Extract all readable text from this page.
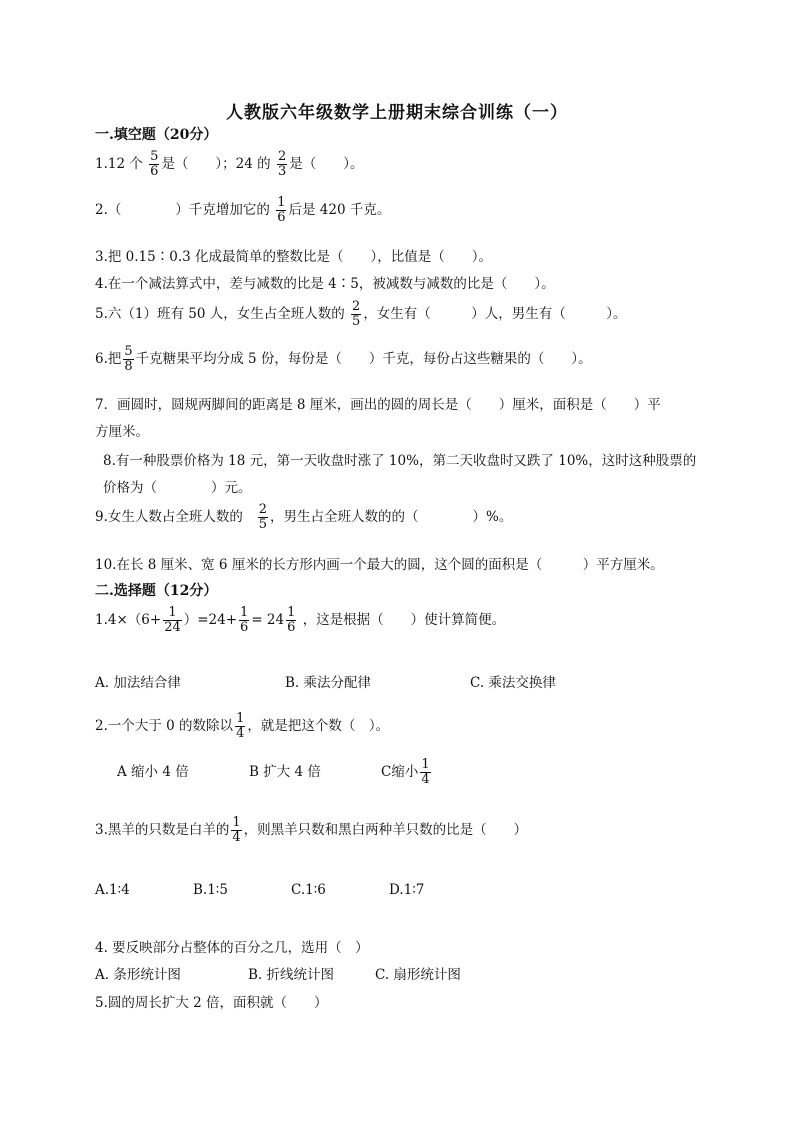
人教版六年级数学上册期末综合训练（一）
一.填空题（20分）
1.12 个 $\frac{5}{6}$ 是（　　）；24 的 $\frac{2}{3}$ 是（　　）。
2.（　　　　）千克增加它的 $\frac{1}{6}$ 后是 420 千克。
3.把 0.15∶0.3 化成最简单的整数比是（　　），比值是（　　）。
4.在一个减法算式中，差与减数的比是 4∶5，被减数与减数的比是（　　）。
5.六（1）班有 50 人，女生占全班人数的 $\frac{2}{5}$ ，女生有（　　　）人，男生有（　　　）。
6.把 $\frac{5}{8}$ 千克糖果平均分成 5 份，每份是（　　）千克，每份占这些糖果的（　　）。
7．画圆时，圆规两脚间的距离是 8 厘米，画出的圆的周长是（　　）厘米，面积是（　　）平
方厘米。
8.有一种股票价格为 18 元，第一天收盘时涨了 10%，第二天收盘时又跌了 10%，这时这种股票的
价格为（　　　　）元。
9.女生人数占全班人数的 $\frac{2}{5}$ ，男生占全班人数的的（　　　　）%。
10.在长 8 厘米、宽 6 厘米的长方形内画一个最大的圆，这个圆的面积是（　　　）平方厘米。
二.选择题（12分）
$1.4\times(6+ \frac{1}{24} )=24+ \frac{1}{6} = 24 \frac{1}{6}$ ，这是根据（　　）使计算简便。
A. 加法结合律	B. 乘法分配律	C. 乘法交换律
2.一个大于 0 的数除以 $\frac{1}{4}$ ，就是把这个数（　）。
A 缩小 4 倍	B 扩大 4 倍	C缩小 $\frac{1}{4}$
3.黑羊的只数是白羊的 $\frac{1}{4}$ ，则黑羊只数和黑白两种羊只数的比是（　　）
A.1∶4	B.1∶5	C.1∶6	D.1∶7
4. 要反映部分占整体的百分之几，选用（　）
A. 条形统计图	B. 折线统计图	C. 扇形统计图
5.圆的周长扩大 2 倍，面积就（　　）
